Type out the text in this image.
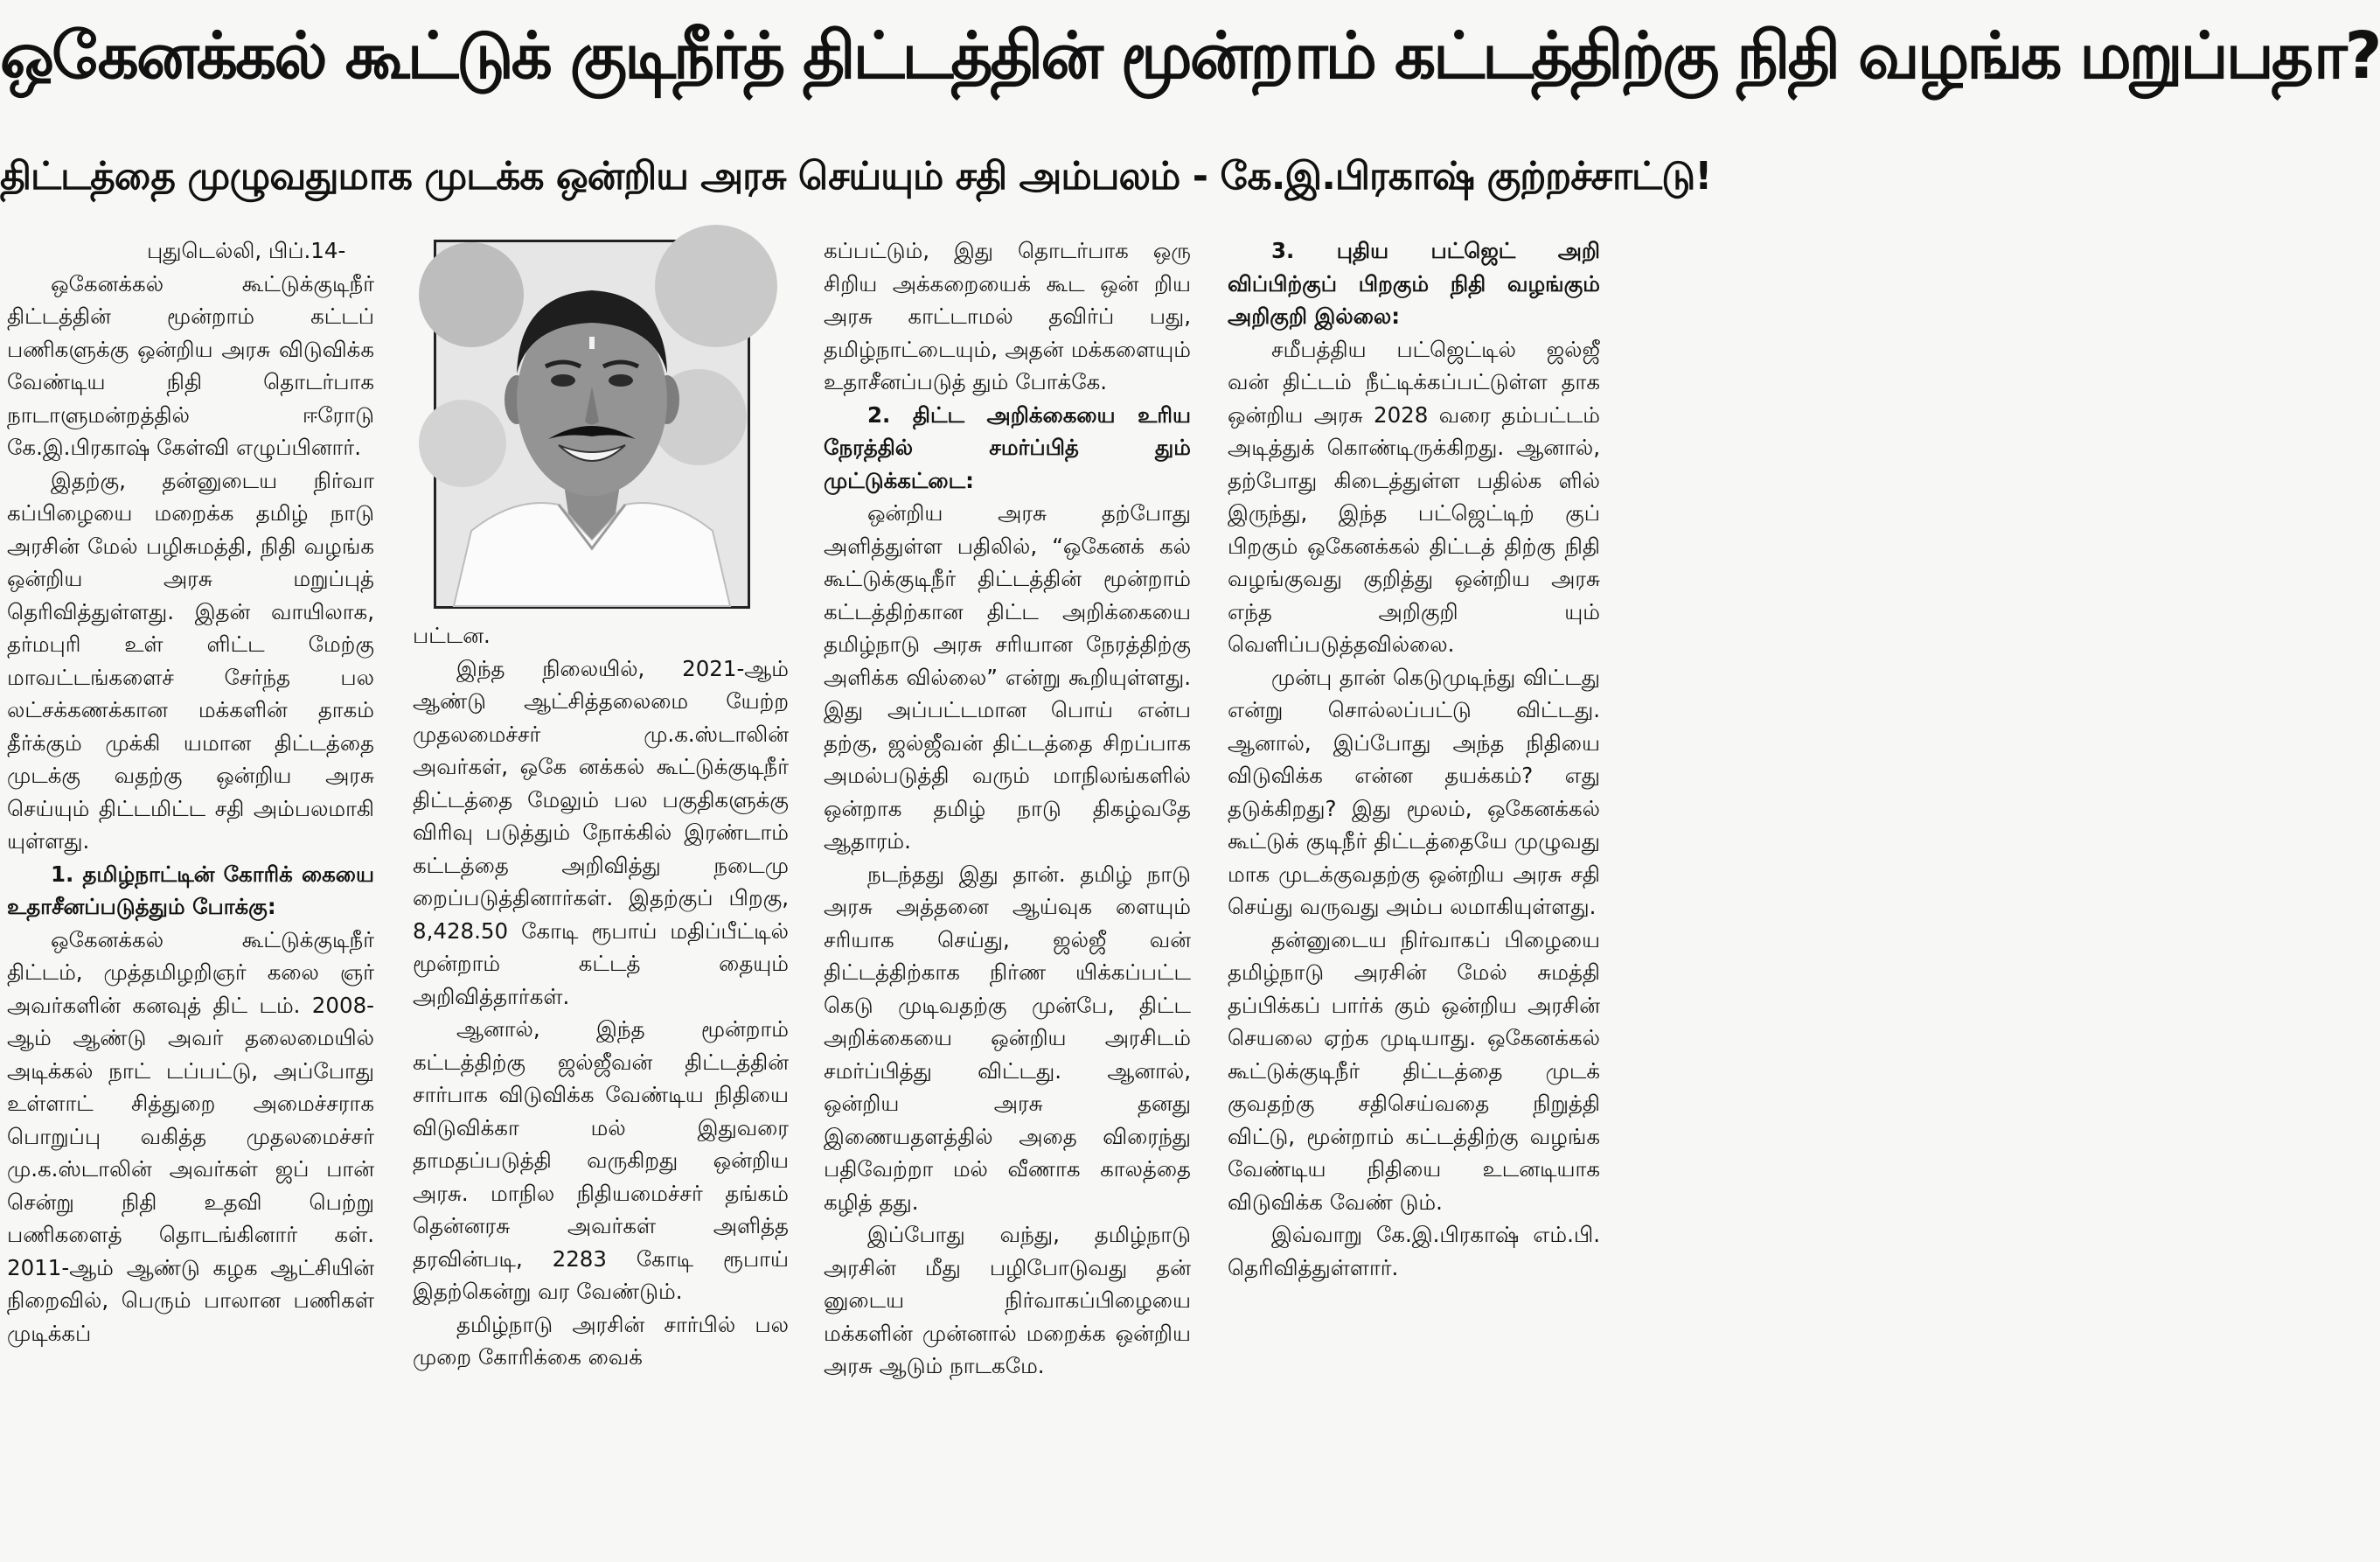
ஒகேனக்கல் கூட்டுக் குடிநீர்த் திட்டத்தின் மூன்றாம் கட்டத்திற்கு நிதி வழங்க மறுப்பதா?
திட்டத்தை முழுவதுமாக முடக்க ஒன்றிய அரசு செய்யும் சதி அம்பலம் - கே.இ.பிரகாஷ் குற்றச்சாட்டு!

புதுடெல்லி, பிப்.14-

ஒகேனக்கல் கூட்டுக்குடிநீர் திட்டத்தின் மூன்றாம் கட்டப் பணிகளுக்கு ஒன்றிய அரசு விடுவிக்க வேண்டிய நிதி தொடர்பாக நாடாளுமன்றத்தில் ஈரோடு கே.இ.பிரகாஷ் கேள்வி எழுப்பினார்.

இதற்கு, தன்னுடைய நிர்வா கப்பிழையை மறைக்க தமிழ் நாடு அரசின் மேல் பழிசுமத்தி, நிதி வழங்க ஒன்றிய அரசு மறுப்புத் தெரிவித்துள்ளது. இதன் வாயிலாக, தர்மபுரி உள் ளிட்ட மேற்கு மாவட்டங்களைச் சேர்ந்த பல லட்சக்கணக்கான மக்களின் தாகம் தீர்க்கும் முக்கி யமான திட்டத்தை முடக்கு வதற்கு ஒன்றிய அரசு செய்யும் திட்டமிட்ட சதி அம்பலமாகி யுள்ளது.

1. தமிழ்நாட்டின் கோரிக் கையை உதாசீனப்படுத்தும் போக்கு:

ஒகேனக்கல் கூட்டுக்குடிநீர் திட்டம், முத்தமிழறிஞர் கலை ஞர் அவர்களின் கனவுத் திட் டம். 2008-ஆம் ஆண்டு அவர் தலைமையில் அடிக்கல் நாட் டப்பட்டு, அப்போது உள்ளாட் சித்துறை அமைச்சராக பொறுப்பு வகித்த முதலமைச்சர் மு.க.ஸ்டாலின் அவர்கள் ஜப் பான் சென்று நிதி உதவி பெற்று பணிகளைத் தொடங்கினார் கள். 2011-ஆம் ஆண்டு கழக ஆட்சியின் நிறைவில், பெரும் பாலான பணிகள் முடிக்கப்

பட்டன.

இந்த நிலையில், 2021-ஆம் ஆண்டு ஆட்சித்தலைமை யேற்ற முதலமைச்சர் மு.க.ஸ்டாலின் அவர்கள், ஒகே னக்கல் கூட்டுக்குடிநீர் திட்டத்தை மேலும் பல பகுதிகளுக்கு விரிவு படுத்தும் நோக்கில் இரண்டாம் கட்டத்தை அறிவித்து நடைமு றைப்படுத்தினார்கள். இதற்குப் பிறகு, 8,428.50 கோடி ரூபாய் மதிப்பீட்டில் மூன்றாம் கட்டத் தையும் அறிவித்தார்கள்.

ஆனால், இந்த மூன்றாம் கட்டத்திற்கு ஜல்ஜீவன் திட்டத்தின் சார்பாக விடுவிக்க வேண்டிய நிதியை விடுவிக்கா மல் இதுவரை தாமதப்படுத்தி வருகிறது ஒன்றிய அரசு. மாநில நிதியமைச்சர் தங்கம் தென்னரசு அவர்கள் அளித்த தரவின்படி, 2283 கோடி ரூபாய் இதற்கென்று வர வேண்டும்.

தமிழ்நாடு அரசின் சார்பில் பல முறை கோரிக்கை வைக்

கப்பட்டும், இது தொடர்பாக ஒரு சிறிய அக்கறையைக் கூட ஒன் றிய அரசு காட்டாமல் தவிர்ப் பது, தமிழ்நாட்டையும், அதன் மக்களையும் உதாசீனப்படுத் தும் போக்கே.

2. திட்ட அறிக்கையை உரிய நேரத்தில் சமர்ப்பித் தும் முட்டுக்கட்டை:

ஒன்றிய அரசு தற்போது அளித்துள்ள பதிலில், “ஒகேனக் கல் கூட்டுக்குடிநீர் திட்டத்தின் மூன்றாம் கட்டத்திற்கான திட்ட அறிக்கையை தமிழ்நாடு அரசு சரியான நேரத்திற்கு அளிக்க வில்லை” என்று கூறியுள்ளது. இது அப்பட்டமான பொய் என்ப தற்கு, ஜல்ஜீவன் திட்டத்தை சிறப்பாக அமல்படுத்தி வரும் மாநிலங்களில் ஒன்றாக தமிழ் நாடு திகழ்வதே ஆதாரம்.

நடந்தது இது தான். தமிழ் நாடு அரசு அத்தனை ஆய்வுக ளையும் சரியாக செய்து, ஜல்ஜீ வன் திட்டத்திற்காக நிர்ண யிக்கப்பட்ட கெடு முடிவதற்கு முன்பே, திட்ட அறிக்கையை ஒன்றிய அரசிடம் சமர்ப்பித்து விட்டது. ஆனால், ஒன்றிய அரசு தனது இணையதளத்தில் அதை விரைந்து பதிவேற்றா மல் வீணாக காலத்தை கழித் தது.

இப்போது வந்து, தமிழ்நாடு அரசின் மீது பழிபோடுவது தன் னுடைய நிர்வாகப்பிழையை மக்களின் முன்னால் மறைக்க ஒன்றிய அரசு ஆடும் நாடகமே.

3. புதிய பட்ஜெட் அறி விப்பிற்குப் பிறகும் நிதி வழங்கும் அறிகுறி இல்லை:

சமீபத்திய பட்ஜெட்டில் ஜல்ஜீ வன் திட்டம் நீட்டிக்கப்பட்டுள்ள தாக ஒன்றிய அரசு 2028 வரை தம்பட்டம் அடித்துக் கொண்டிருக்கிறது. ஆனால், தற்போது கிடைத்துள்ள பதில்க ளில் இருந்து, இந்த பட்ஜெட்டிற் குப் பிறகும் ஒகேனக்கல் திட்டத் திற்கு நிதி வழங்குவது குறித்து ஒன்றிய அரசு எந்த அறிகுறி யும் வெளிப்படுத்தவில்லை.

முன்பு தான் கெடுமுடிந்து விட்டது என்று சொல்லப்பட்டு விட்டது. ஆனால், இப்போது அந்த நிதியை விடுவிக்க என்ன தயக்கம்? எது தடுக்கிறது? இது மூலம், ஒகேனக்கல் கூட்டுக் குடிநீர் திட்டத்தையே முழுவது மாக முடக்குவதற்கு ஒன்றிய அரசு சதி செய்து வருவது அம்ப லமாகியுள்ளது.

தன்னுடைய நிர்வாகப் பிழையை தமிழ்நாடு அரசின் மேல் சுமத்தி தப்பிக்கப் பார்க் கும் ஒன்றிய அரசின் செயலை ஏற்க முடியாது. ஒகேனக்கல் கூட்டுக்குடிநீர் திட்டத்தை முடக் குவதற்கு சதிசெய்வதை நிறுத்தி விட்டு, மூன்றாம் கட்டத்திற்கு வழங்க வேண்டிய நிதியை உடனடியாக விடுவிக்க வேண் டும்.

இவ்வாறு கே.இ.பிரகாஷ் எம்.பி. தெரிவித்துள்ளார்.
